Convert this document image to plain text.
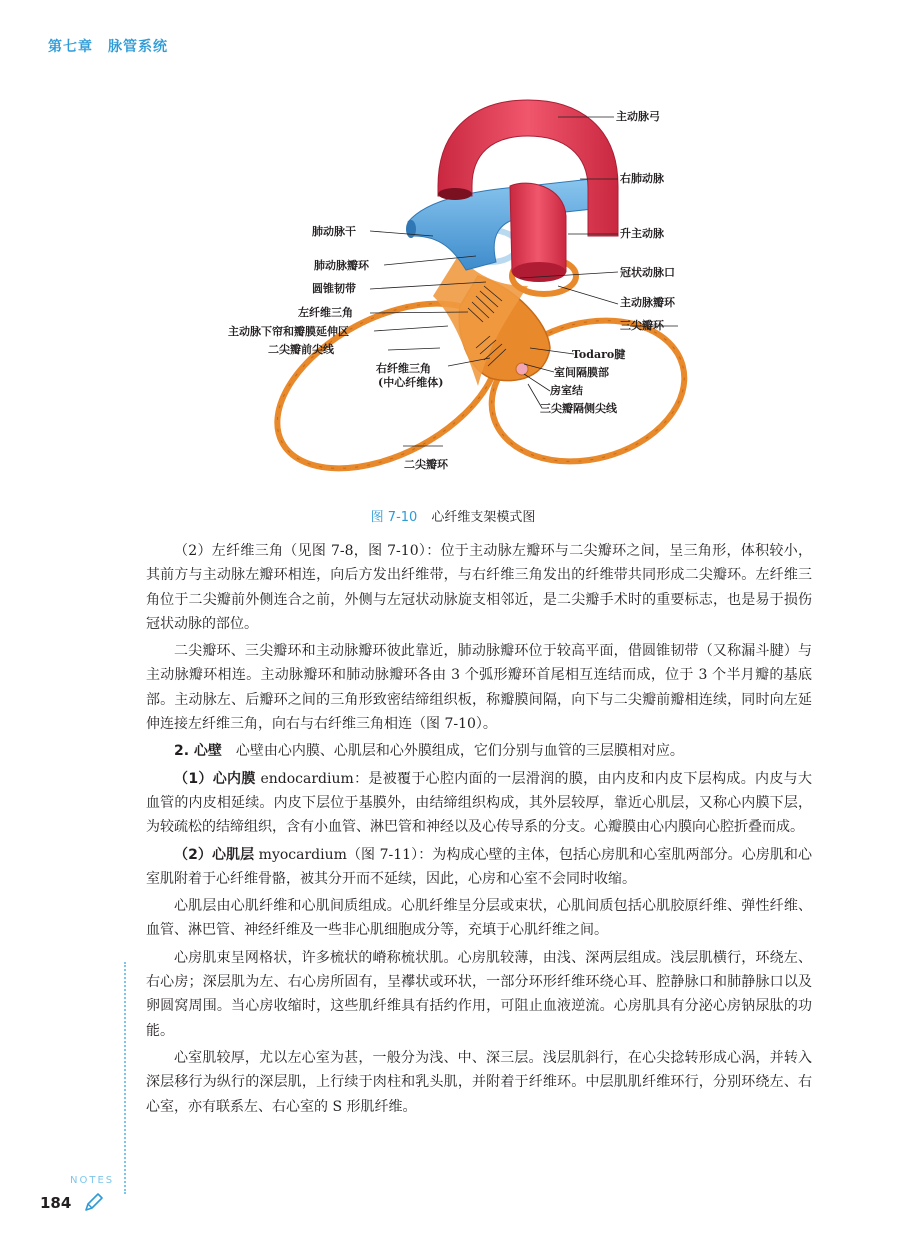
第七章　脉管系统
主动脉弓
右肺动脉
肺动脉干	升主动脉
肺动脉瓣环
冠状动脉口
圆锥韧带
主动脉瓣环
左纤维三角
三尖瓣环
主动脉下帘和瓣膜延伸区
二尖瓣前尖线	Todaro腱
右纤维三角
(中心纤维体)
室间隔膜部
房室结
三尖瓣隔侧尖线
二尖瓣环
图 7-10 心纤维支架模式图

（2）左纤维三角（见图 7-8，图 7-10）：位于主动脉左瓣环与二尖瓣环之间，呈三角形，体积较小，其前方与主动脉左瓣环相连，向后方发出纤维带，与右纤维三角发出的纤维带共同形成二尖瓣环。左纤维三角位于二尖瓣前外侧连合之前，外侧与左冠状动脉旋支相邻近，是二尖瓣手术时的重要标志，也是易于损伤冠状动脉的部位。

二尖瓣环、三尖瓣环和主动脉瓣环彼此靠近，肺动脉瓣环位于较高平面，借圆锥韧带（又称漏斗腱）与主动脉瓣环相连。主动脉瓣环和肺动脉瓣环各由 3 个弧形瓣环首尾相互连结而成，位于 3 个半月瓣的基底部。主动脉左、后瓣环之间的三角形致密结缔组织板，称瓣膜间隔，向下与二尖瓣前瓣相连续，同时向左延伸连接左纤维三角，向右与右纤维三角相连（图 7-10）。

2. 心壁　心壁由心内膜、心肌层和心外膜组成，它们分别与血管的三层膜相对应。

（1）心内膜 endocardium：是被覆于心腔内面的一层滑润的膜，由内皮和内皮下层构成。内皮与大血管的内皮相延续。内皮下层位于基膜外，由结缔组织构成，其外层较厚，靠近心肌层，又称心内膜下层，为较疏松的结缔组织，含有小血管、淋巴管和神经以及心传导系的分支。心瓣膜由心内膜向心腔折叠而成。

（2）心肌层 myocardium（图 7-11）：为构成心壁的主体，包括心房肌和心室肌两部分。心房肌和心室肌附着于心纤维骨骼，被其分开而不延续，因此，心房和心室不会同时收缩。

心肌层由心肌纤维和心肌间质组成。心肌纤维呈分层或束状，心肌间质包括心肌胶原纤维、弹性纤维、血管、淋巴管、神经纤维及一些非心肌细胞成分等，充填于心肌纤维之间。

心房肌束呈网格状，许多梳状的嵴称梳状肌。心房肌较薄，由浅、深两层组成。浅层肌横行，环绕左、右心房；深层肌为左、右心房所固有，呈襻状或环状，一部分环形纤维环绕心耳、腔静脉口和肺静脉口以及卵圆窝周围。当心房收缩时，这些肌纤维具有括约作用，可阻止血液逆流。心房肌具有分泌心房钠尿肽的功能。

心室肌较厚，尤以左心室为甚，一般分为浅、中、深三层。浅层肌斜行，在心尖捻转形成心涡，并转入深层移行为纵行的深层肌，上行续于肉柱和乳头肌，并附着于纤维环。中层肌肌纤维环行，分别环绕左、右心室，亦有联系左、右心室的 S 形肌纤维。

NOTES
184
